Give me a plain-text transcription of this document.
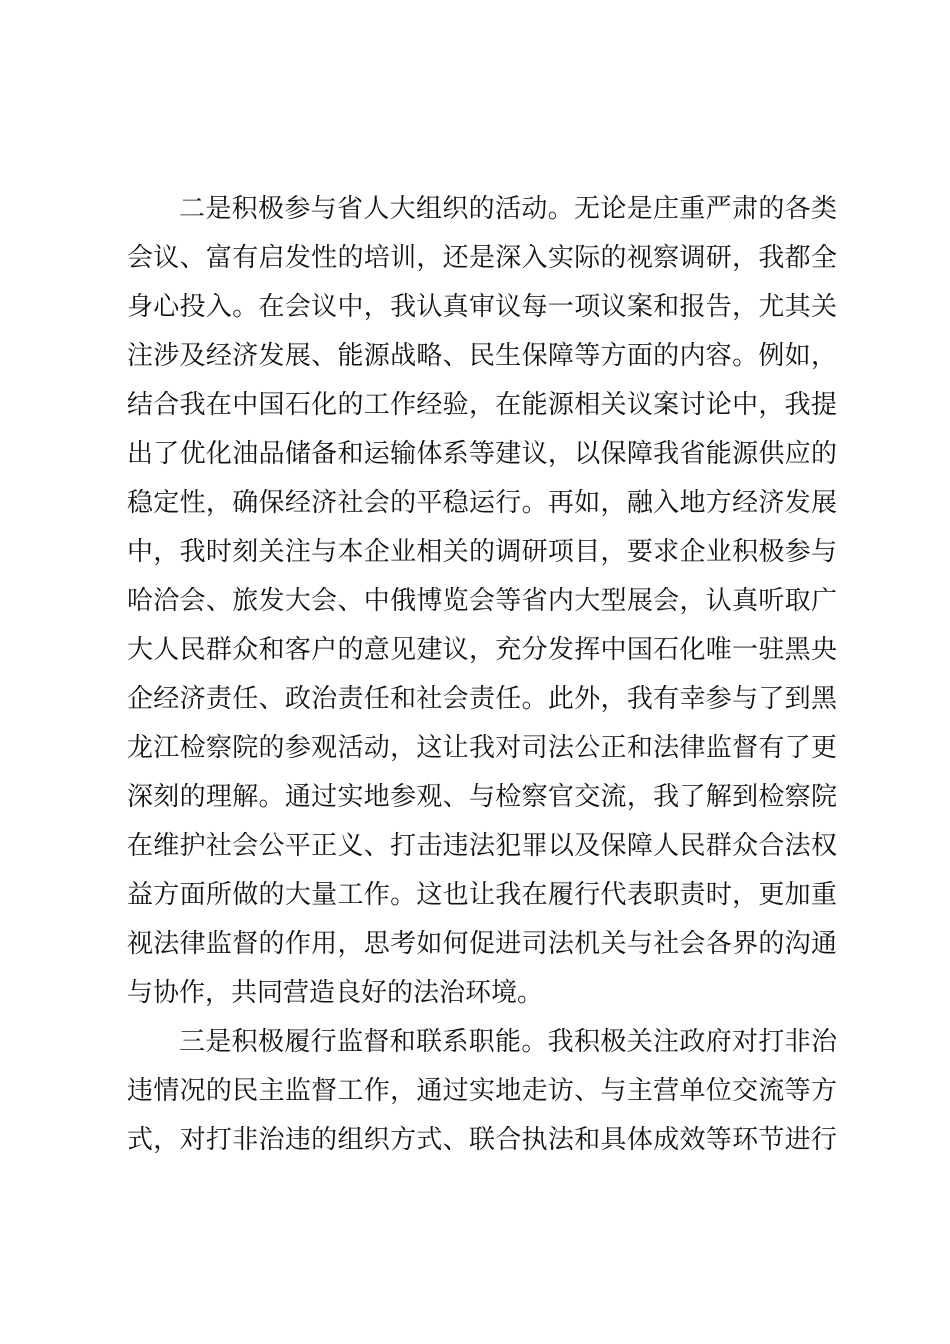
二是积极参与省人大组织的活动。无论是庄重严肃的各类
会议、富有启发性的培训，还是深入实际的视察调研，我都全
身心投入。在会议中，我认真审议每一项议案和报告，尤其关
注涉及经济发展、能源战略、民生保障等方面的内容。例如，
结合我在中国石化的工作经验，在能源相关议案讨论中，我提
出了优化油品储备和运输体系等建议，以保障我省能源供应的
稳定性，确保经济社会的平稳运行。再如，融入地方经济发展
中，我时刻关注与本企业相关的调研项目，要求企业积极参与
哈洽会、旅发大会、中俄博览会等省内大型展会，认真听取广
大人民群众和客户的意见建议，充分发挥中国石化唯一驻黑央
企经济责任、政治责任和社会责任。此外，我有幸参与了到黑
龙江检察院的参观活动，这让我对司法公正和法律监督有了更
深刻的理解。通过实地参观、与检察官交流，我了解到检察院
在维护社会公平正义、打击违法犯罪以及保障人民群众合法权
益方面所做的大量工作。这也让我在履行代表职责时，更加重
视法律监督的作用，思考如何促进司法机关与社会各界的沟通
与协作，共同营造良好的法治环境。
三是积极履行监督和联系职能。我积极关注政府对打非治
违情况的民主监督工作，通过实地走访、与主营单位交流等方
式，对打非治违的组织方式、联合执法和具体成效等环节进行
